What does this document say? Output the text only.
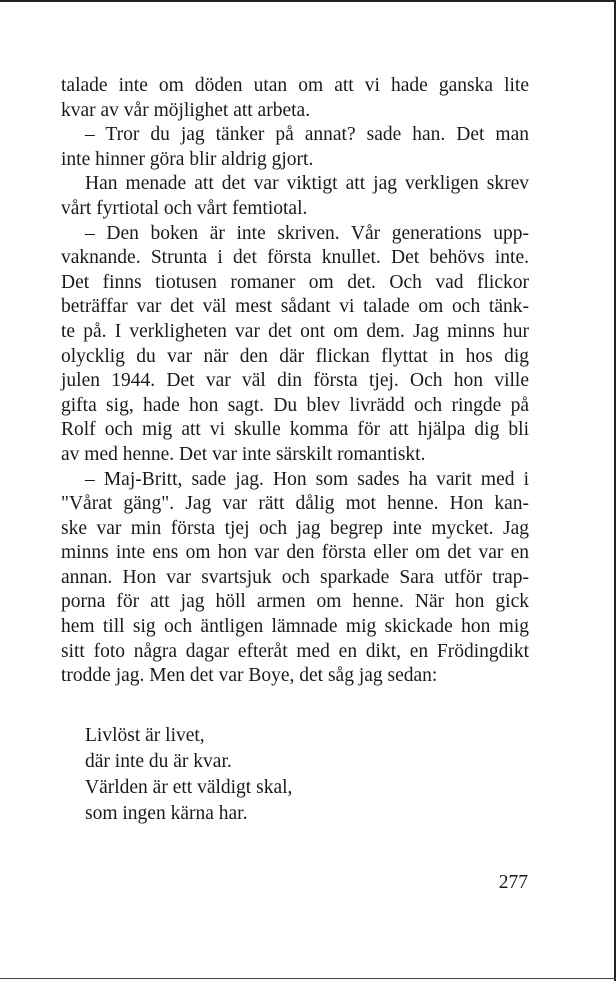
talade inte om döden utan om att vi hade ganska lite
kvar av vår möjlighet att arbeta.
– Tror du jag tänker på annat? sade han. Det man
inte hinner göra blir aldrig gjort.
Han menade att det var viktigt att jag verkligen skrev
vårt fyrtiotal och vårt femtiotal.
– Den boken är inte skriven. Vår generations upp-
vaknande. Strunta i det första knullet. Det behövs inte.
Det finns tiotusen romaner om det. Och vad flickor
beträffar var det väl mest sådant vi talade om och tänk-
te på. I verkligheten var det ont om dem. Jag minns hur
olycklig du var när den där flickan flyttat in hos dig
julen 1944. Det var väl din första tjej. Och hon ville
gifta sig, hade hon sagt. Du blev livrädd och ringde på
Rolf och mig att vi skulle komma för att hjälpa dig bli
av med henne. Det var inte särskilt romantiskt.
– Maj-Britt, sade jag. Hon som sades ha varit med i
"Vårat gäng". Jag var rätt dålig mot henne. Hon kan-
ske var min första tjej och jag begrep inte mycket. Jag
minns inte ens om hon var den första eller om det var en
annan. Hon var svartsjuk och sparkade Sara utför trap-
porna för att jag höll armen om henne. När hon gick
hem till sig och äntligen lämnade mig skickade hon mig
sitt foto några dagar efteråt med en dikt, en Frödingdikt
trodde jag. Men det var Boye, det såg jag sedan:
Livlöst är livet,
där inte du är kvar.
Världen är ett väldigt skal,
som ingen kärna har.
277
